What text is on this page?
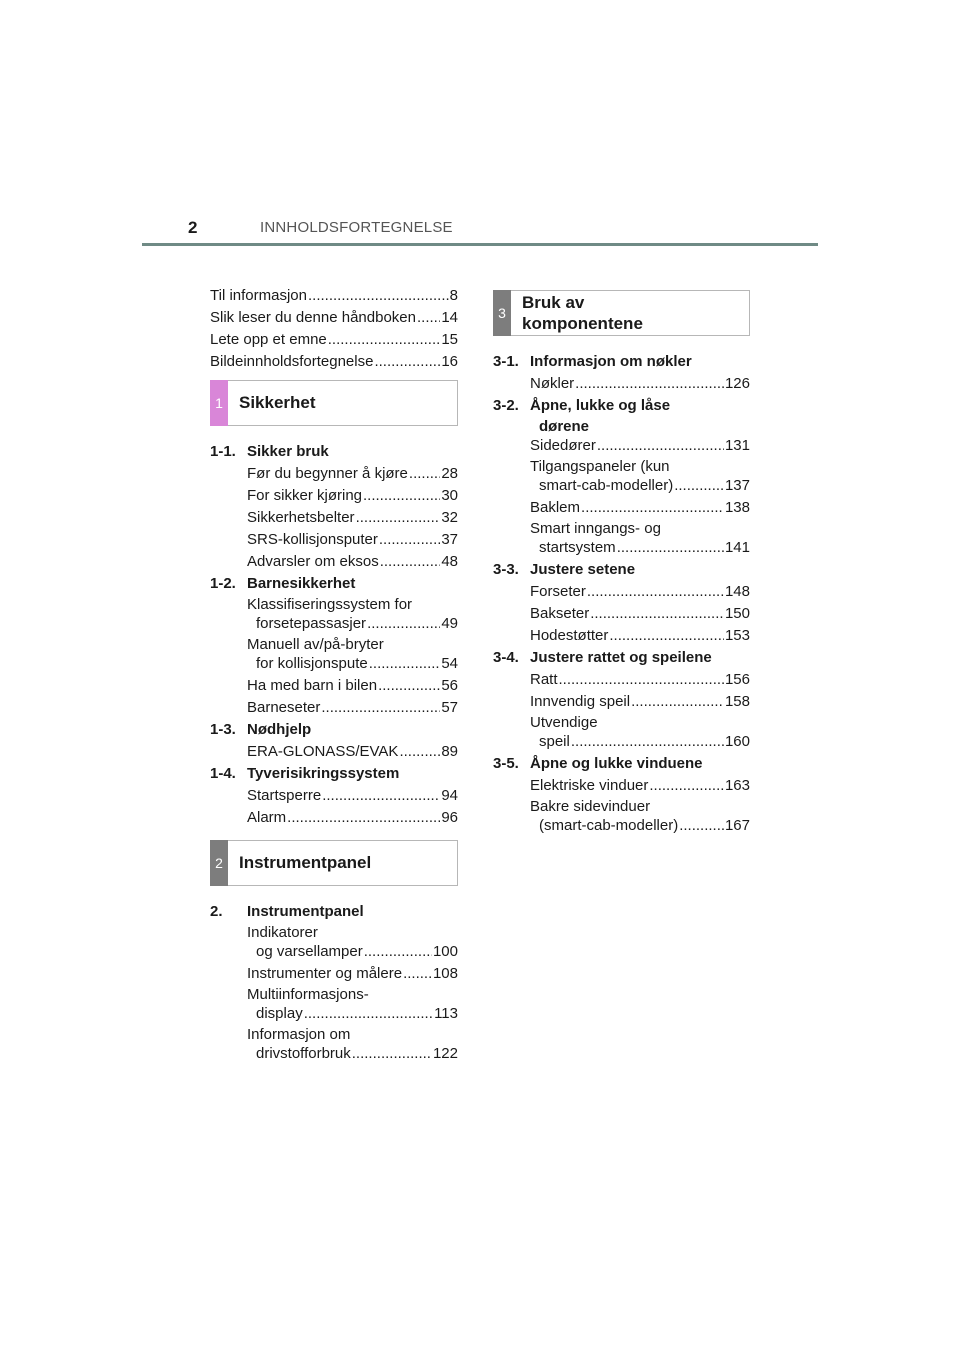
2	INNHOLDSFORTEGNELSE
Til informasjon .....	8
Slik leser du denne håndboken ..... 14
Lete opp et emne .....	15
Bildeinnholdsfortegnelse .....	16
1 Sikkerhet
1-1. Sikker bruk
Før du begynner å kjøre ..... 28
For sikker kjøring .....	30
Sikkerhetsbelter .....	32
SRS-kollisjonsputer .....	37
Advarsler om eksos .....	48
1-2. Barnesikkerhet
Klassifiseringssystem for
forsetepassasjer .....	49
Manuell av/på-bryter
for kollisjonspute .....	54
Ha med barn i bilen .....	56
Barneseter .....	57
1-3. Nødhjelp
ERA-GLONASS/EVAK .....	89
1-4. Tyverisikringssystem
Startsperre .....	94
Alarm .....	96
2 Instrumentpanel
2. Instrumentpanel
Indikatorer
og varsellamper .....	100
Instrumenter og målere ..... 108
Multiinformasjons-
display .....	113
Informasjon om
drivstofforbruk .....	122
3
Bruk av
komponentene
3-1. Informasjon om nøkler
Nøkler .....	126
3-2. Åpne, lukke og låse
dørene
Sidedører .....	131
Tilgangspaneler (kun
smart-cab-modeller) .....	137
Baklem .....	138
Smart inngangs- og
startsystem .....	141
3-3. Justere setene
Forseter .....	148
Bakseter .....	150
Hodestøtter .....	153
3-4. Justere rattet og speilene
Ratt .....	156
Innvendig speil .....	158
Utvendige
speil .....	160
3-5. Åpne og lukke vinduene
Elektriske vinduer .....	163
Bakre sidevinduer
(smart-cab-modeller) .....	167
